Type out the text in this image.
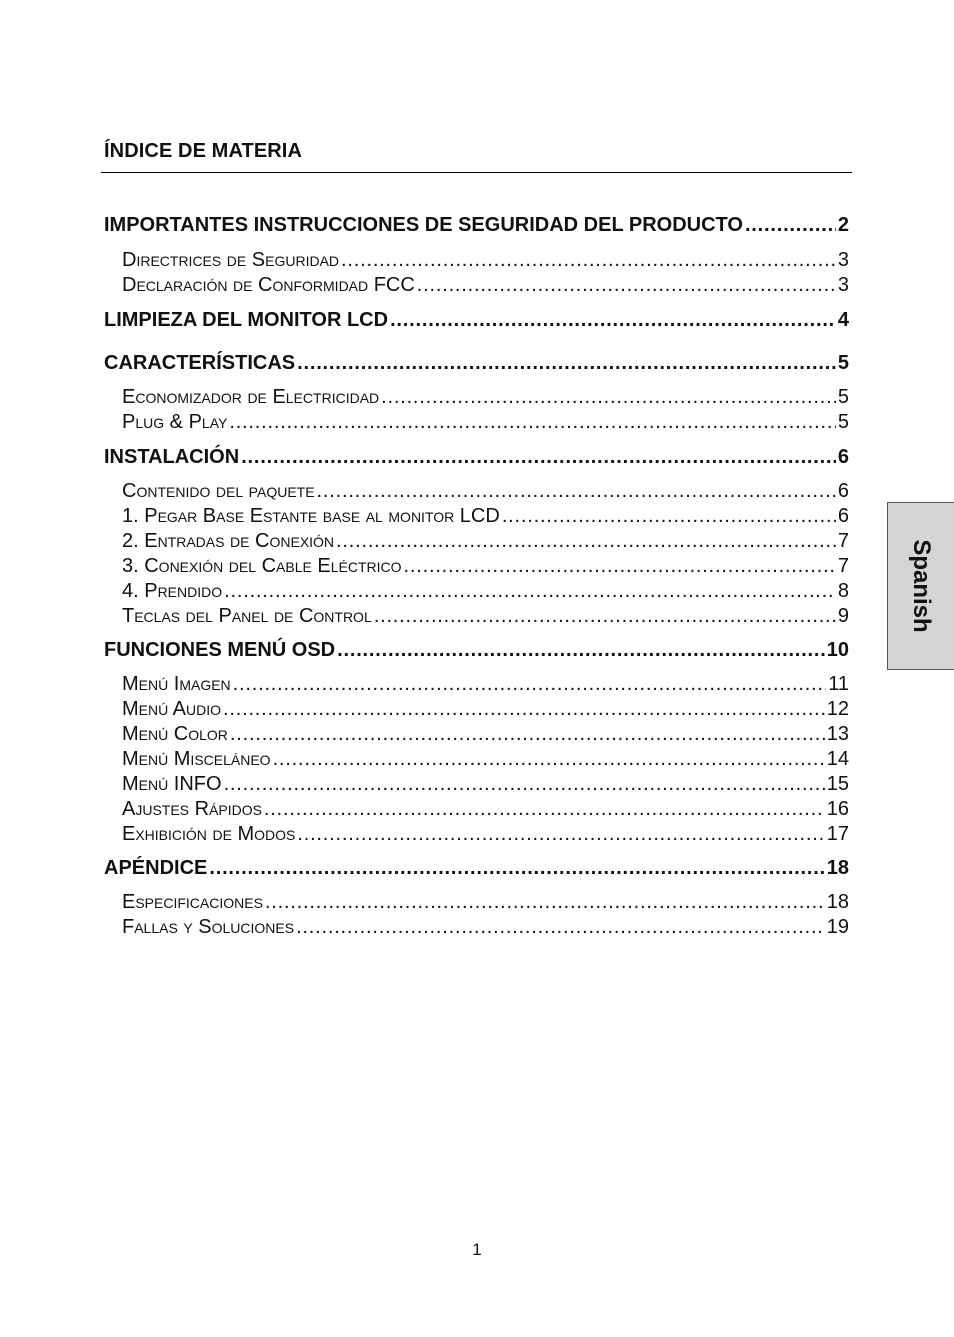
ÍNDICE DE MATERIA
IMPORTANTES INSTRUCCIONES DE SEGURIDAD DEL PRODUCTO .....	2
Directrices de Seguridad .....	3
Declaración de Conformidad FCC .....	3
LIMPIEZA DEL MONITOR LCD .....	4
CARACTERÍSTICAS .....	5
Economizador de Electricidad .....	5
Plug & Play .....	5
INSTALACIÓN .....	6
Contenido del paquete .....	6
1. Pegar Base Estante base al monitor LCD .....	6
2. Entradas de Conexión .....	7
3. Conexión del Cable Eléctrico .....	7
4. Prendido .....	8
Teclas del Panel de Control .....	9
FUNCIONES MENÚ OSD .....	10
Menú Imagen .....	11
Menú Audio .....	12
Menú Color .....	13
Menú Misceláneo .....	14
Menú INFO .....	15
Ajustes Rápidos .....	16
Exhibición de Modos .....	17
APÉNDICE .....	18
Especificaciones .....	18
Fallas y Soluciones .....	19
Spanish
1
